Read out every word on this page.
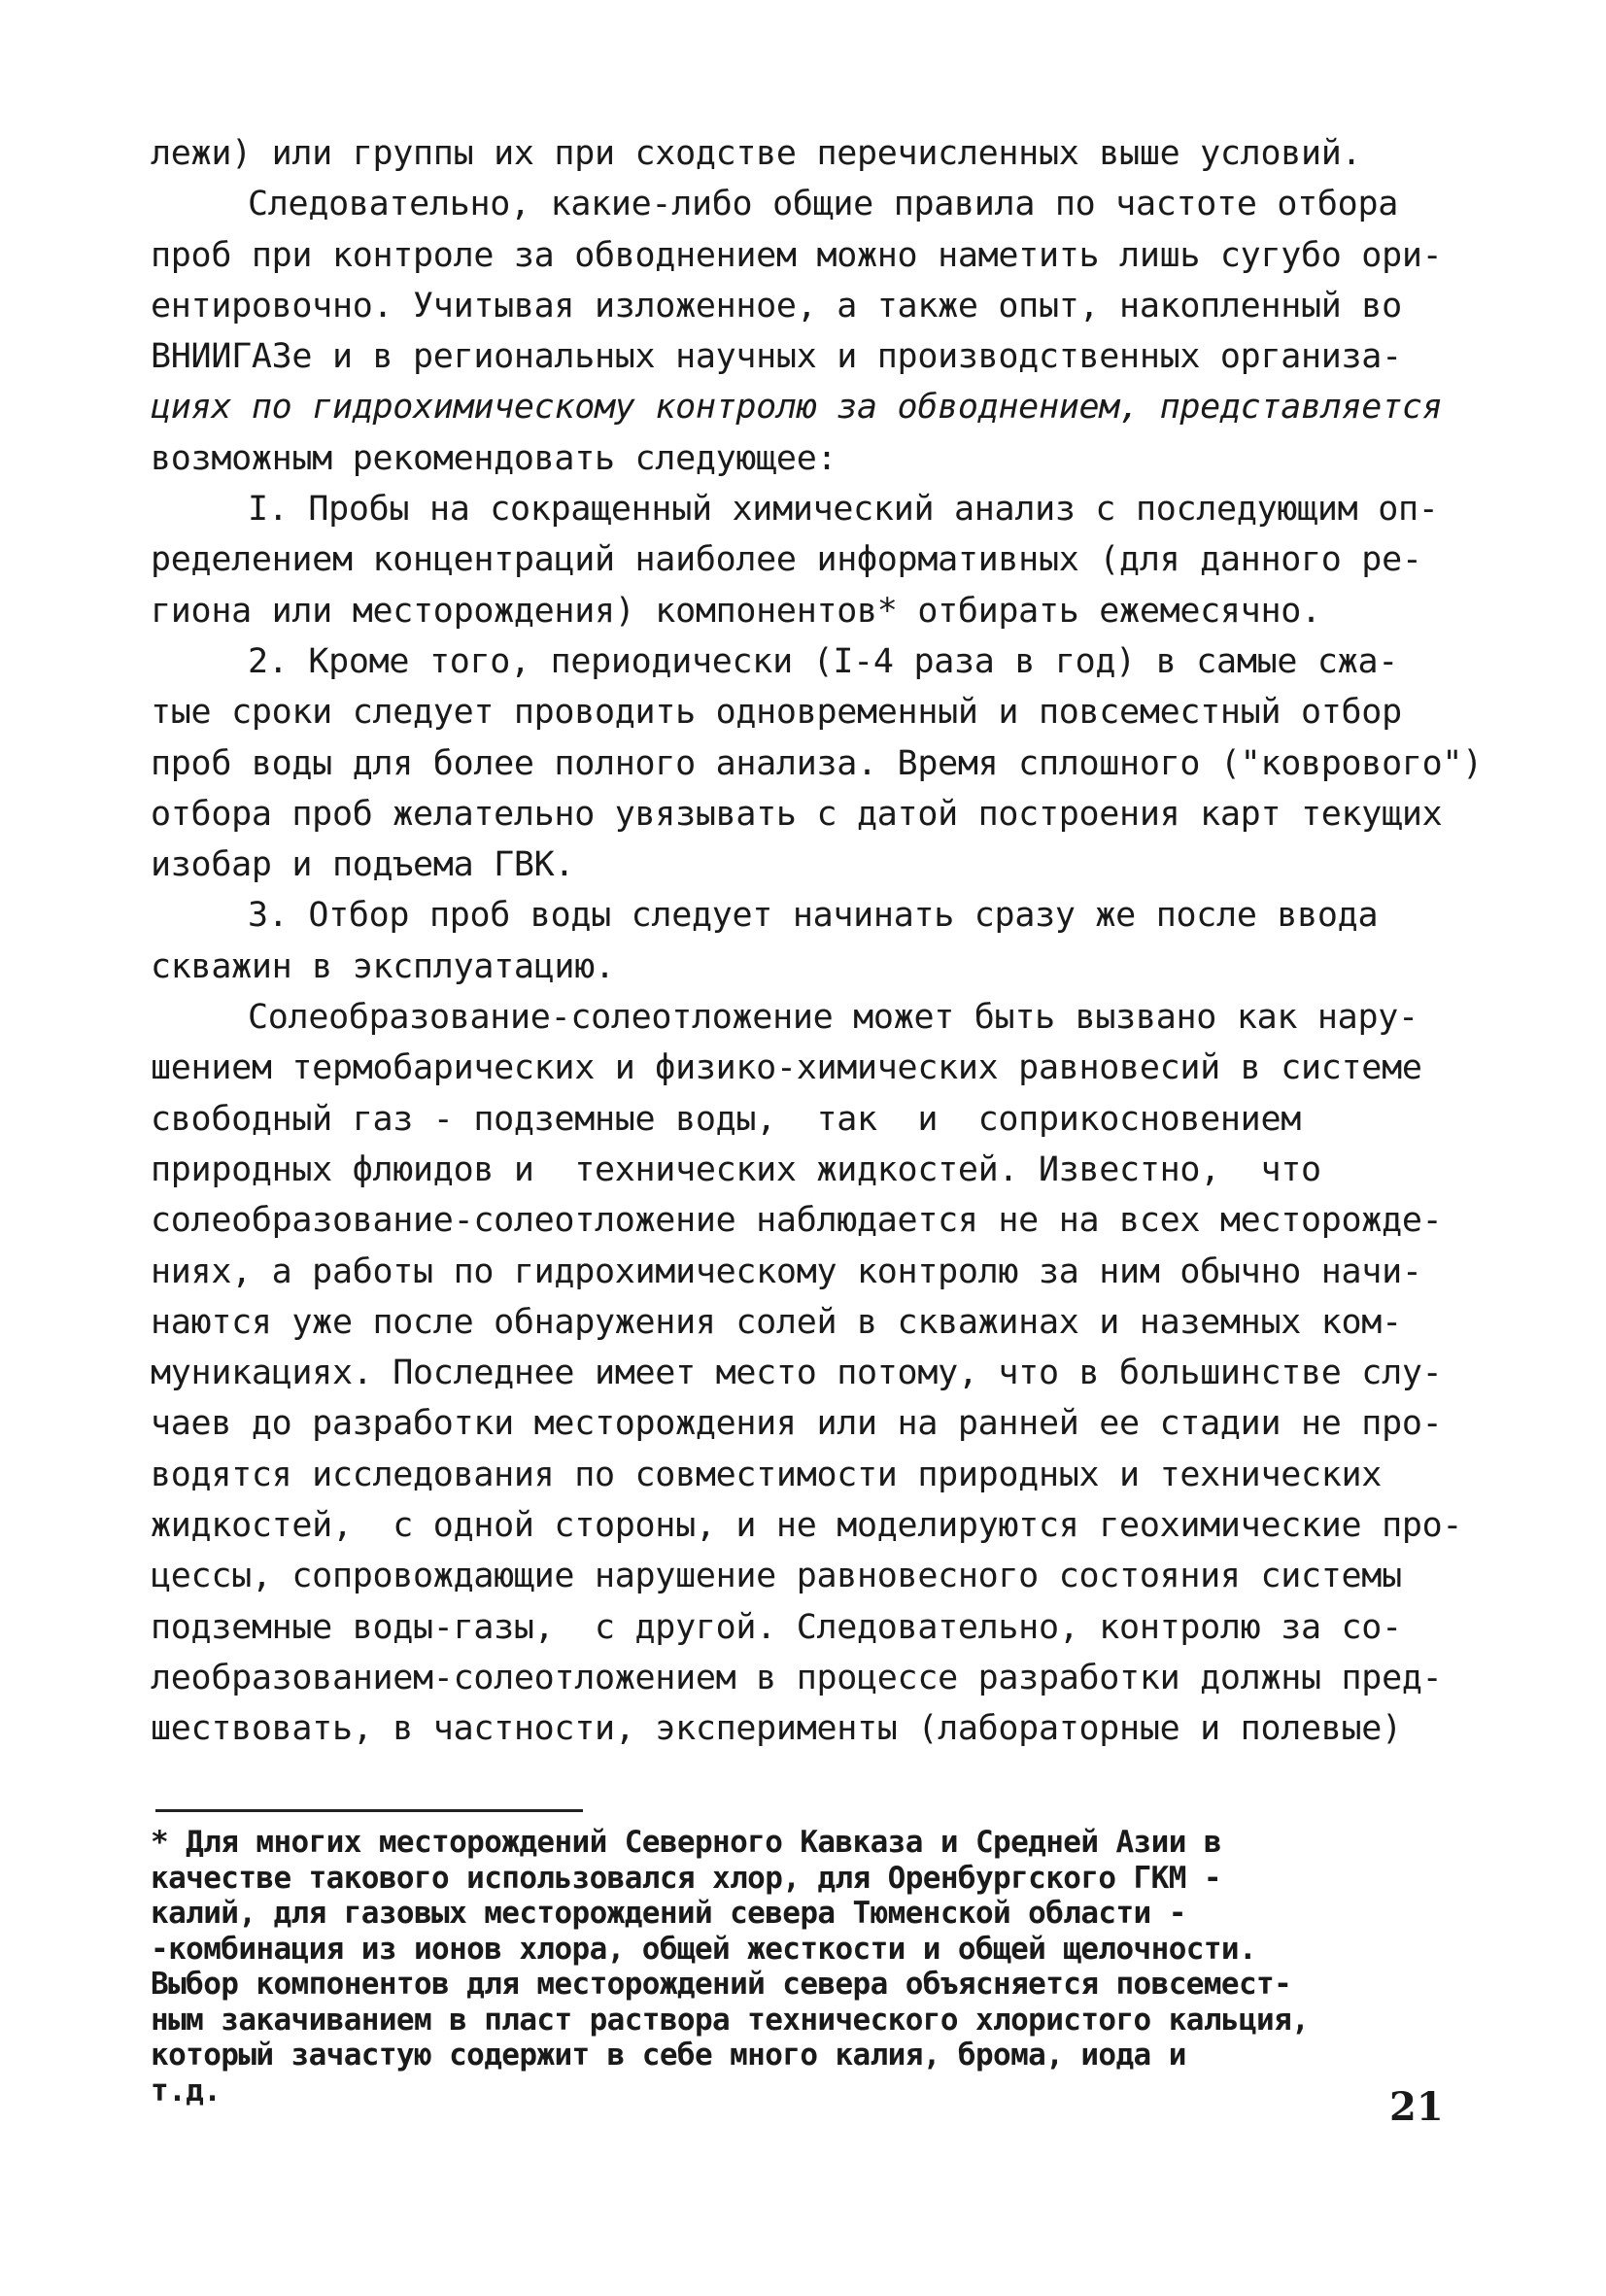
лежи) или группы их при сходстве перечисленных выше условий.
Следовательно, какие-либо общие правила по частоте отбора
проб при контроле за обводнением можно наметить лишь сугубо ори-
ентировочно. Учитывая изложенное, а также опыт, накопленный во
ВНИИГАЗе и в региональных научных и производственных организа-
циях по гидрохимическому контролю за обводнением, представляется
возможным рекомендовать следующее:
I. Пробы на сокращенный химический анализ с последующим оп-
ределением концентраций наиболее информативных (для данного ре-
гиона или месторождения) компонентов* отбирать ежемесячно.
2. Кроме того, периодически (I-4 раза в год) в самые сжа-
тые сроки следует проводить одновременный и повсеместный отбор
проб воды для более полного анализа. Время сплошного ("коврового")
отбора проб желательно увязывать с датой построения карт текущих
изобар и подъема ГВК.
3. Отбор проб воды следует начинать сразу же после ввода
скважин в эксплуатацию.
Солеобразование-солеотложение может быть вызвано как нару-
шением термобарических и физико-химических равновесий в системе
свободный газ - подземные воды,  так  и  соприкосновением
природных флюидов и  технических жидкостей. Известно,  что
солеобразование-солеотложение наблюдается не на всех месторожде-
ниях, а работы по гидрохимическому контролю за ним обычно начи-
наются уже после обнаружения солей в скважинах и наземных ком-
муникациях. Последнее имеет место потому, что в большинстве слу-
чаев до разработки месторождения или на ранней ее стадии не про-
водятся исследования по совместимости природных и технических
жидкостей,  с одной стороны, и не моделируются геохимические про-
цессы, сопровождающие нарушение равновесного состояния системы
подземные воды-газы,  с другой. Следовательно, контролю за со-
леобразованием-солеотложением в процессе разработки должны пред-
шествовать, в частности, эксперименты (лабораторные и полевые)
* Для многих месторождений Северного Кавказа и Средней Азии в
качестве такового использовался хлор, для Оренбургского ГКМ -
калий, для газовых месторождений севера Тюменской области -
-комбинация из ионов хлора, общей жесткости и общей щелочности.
Выбор компонентов для месторождений севера объясняется повсемест-
ным закачиванием в пласт раствора технического хлористого кальция,
который зачастую содержит в себе много калия, брома, иода и
т.д.	21
